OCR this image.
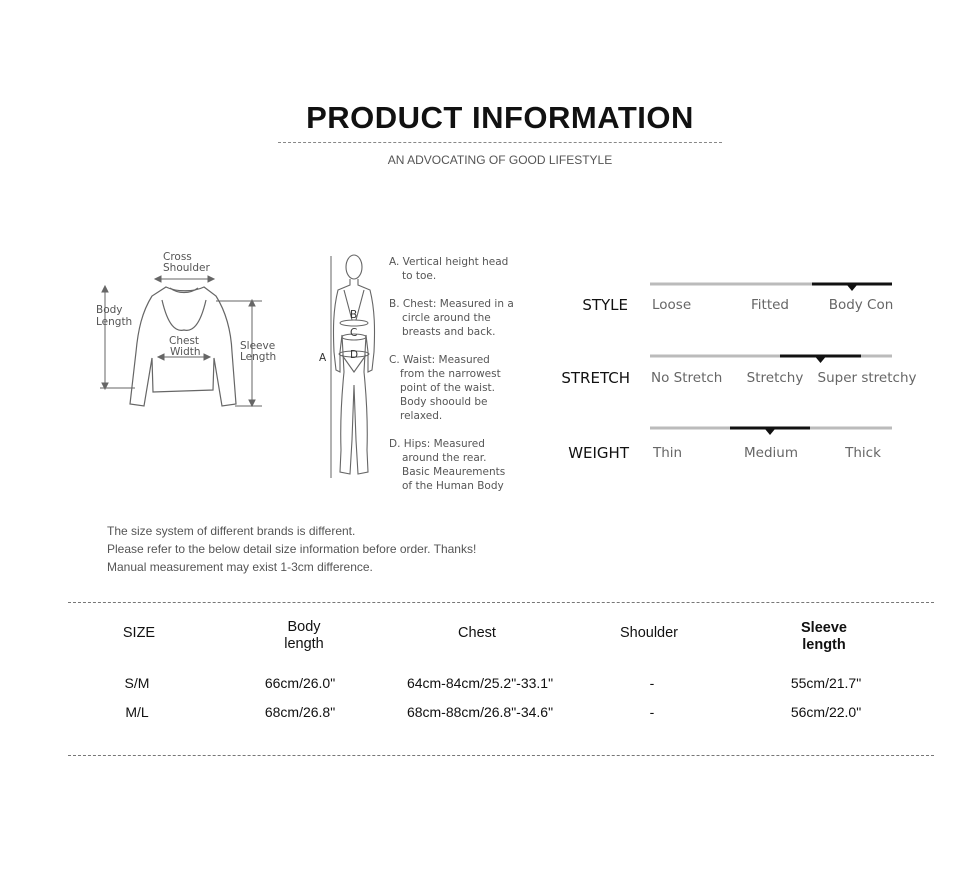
PRODUCT INFORMATION
AN ADVOCATING OF GOOD LIFESTYLE
Cross
Shoulder
Body
Length
Chest
Width	Sleeve
Length	A
B
C
D
A. Vertical height head
to toe.
B. Chest: Measured in a
circle around the
breasts and back.
C. Waist: Measured
from the narrowest
point of the waist.
Body shoould be
relaxed.
D. Hips: Measured
around the rear.
Basic Meaurements
of the Human Body
STYLE Loose	Fitted	Body Con
STRETCH No Stretch Stretchy Super stretchy
WEIGHT Thin	Medium	Thick
The size system of different brands is different.
Please refer to the below detail size information before order. Thanks!
Manual measurement may exist 1-3cm difference.
SIZE	Body
length
Chest	Shoulder	Sleeve
length
S/M	66cm/26.0"	64cm-84cm/25.2"-33.1"	-	55cm/21.7"
M/L	68cm/26.8"	68cm-88cm/26.8"-34.6"	-	56cm/22.0"
